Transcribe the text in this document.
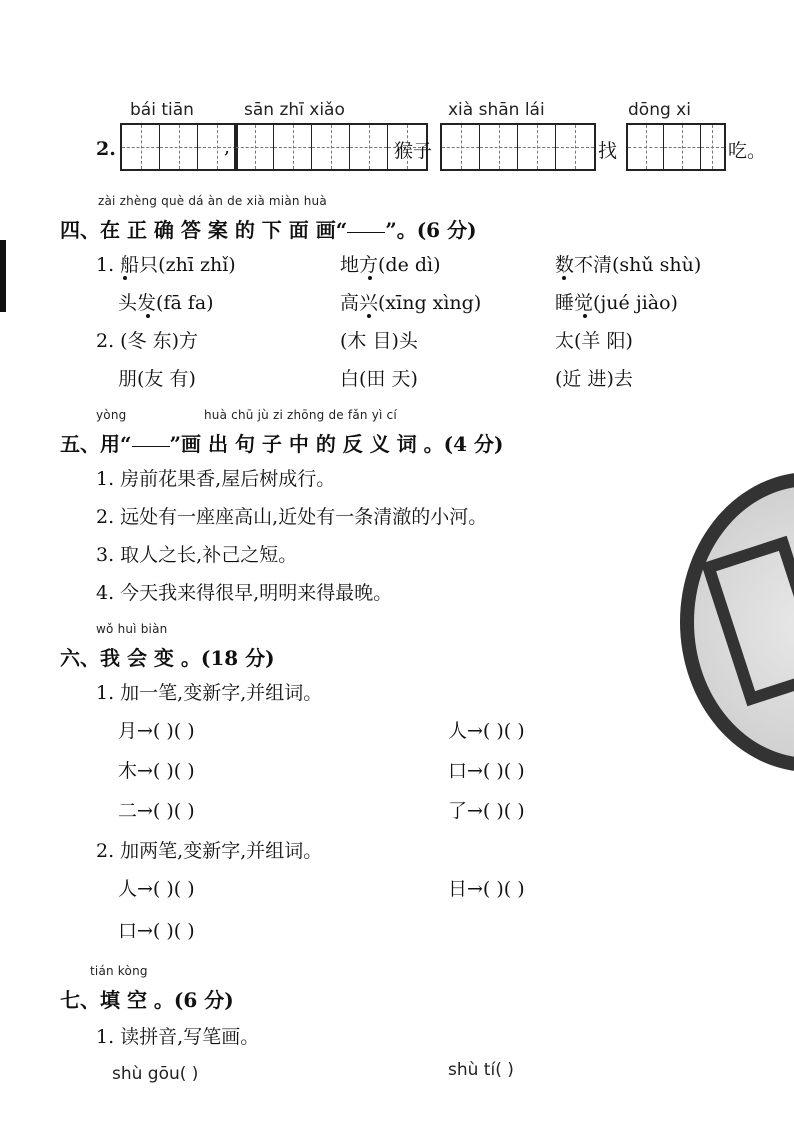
bái tiān	sān zhī xiǎo	xià shān lái	dōng xi
2.	,	猴子	找	吃。
zài zhèng què dá àn de xià miàn huà
四、在 正 确 答 案 的 下 面 画“ ”。(6 分)
1. 船只(zhī zhǐ)	地方(de dì)	数不清(shǔ shù)
头发(fā fa)	高兴(xīng xìng)	睡觉(jué jiào)
2. (冬 东)方	(木 目)头	太(羊 阳)
朋(友 有)	白(田 天)	(近 进)去
yòng	huà chū jù zi zhōng de fǎn yì cí
五、用“ ”画 出 句 子 中 的 反 义 词 。(4 分)
1. 房前花果香,屋后树成行。
2. 远处有一座座高山,近处有一条清澈的小河。
3. 取人之长,补己之短。
4. 今天我来得很早,明明来得最晚。
wǒ huì biàn
六、我 会 变 。(18 分)
1. 加一笔,变新字,并组词。
月→( )( )	人→( )( )
木→( )( )	口→( )( )
二→( )( )	了→( )( )
2. 加两笔,变新字,并组词。
人→( )( )	日→( )( )
口→( )( )
tián kòng
七、填 空 。(6 分)
1. 读拼音,写笔画。
shù gōu( )	shù tí( )
